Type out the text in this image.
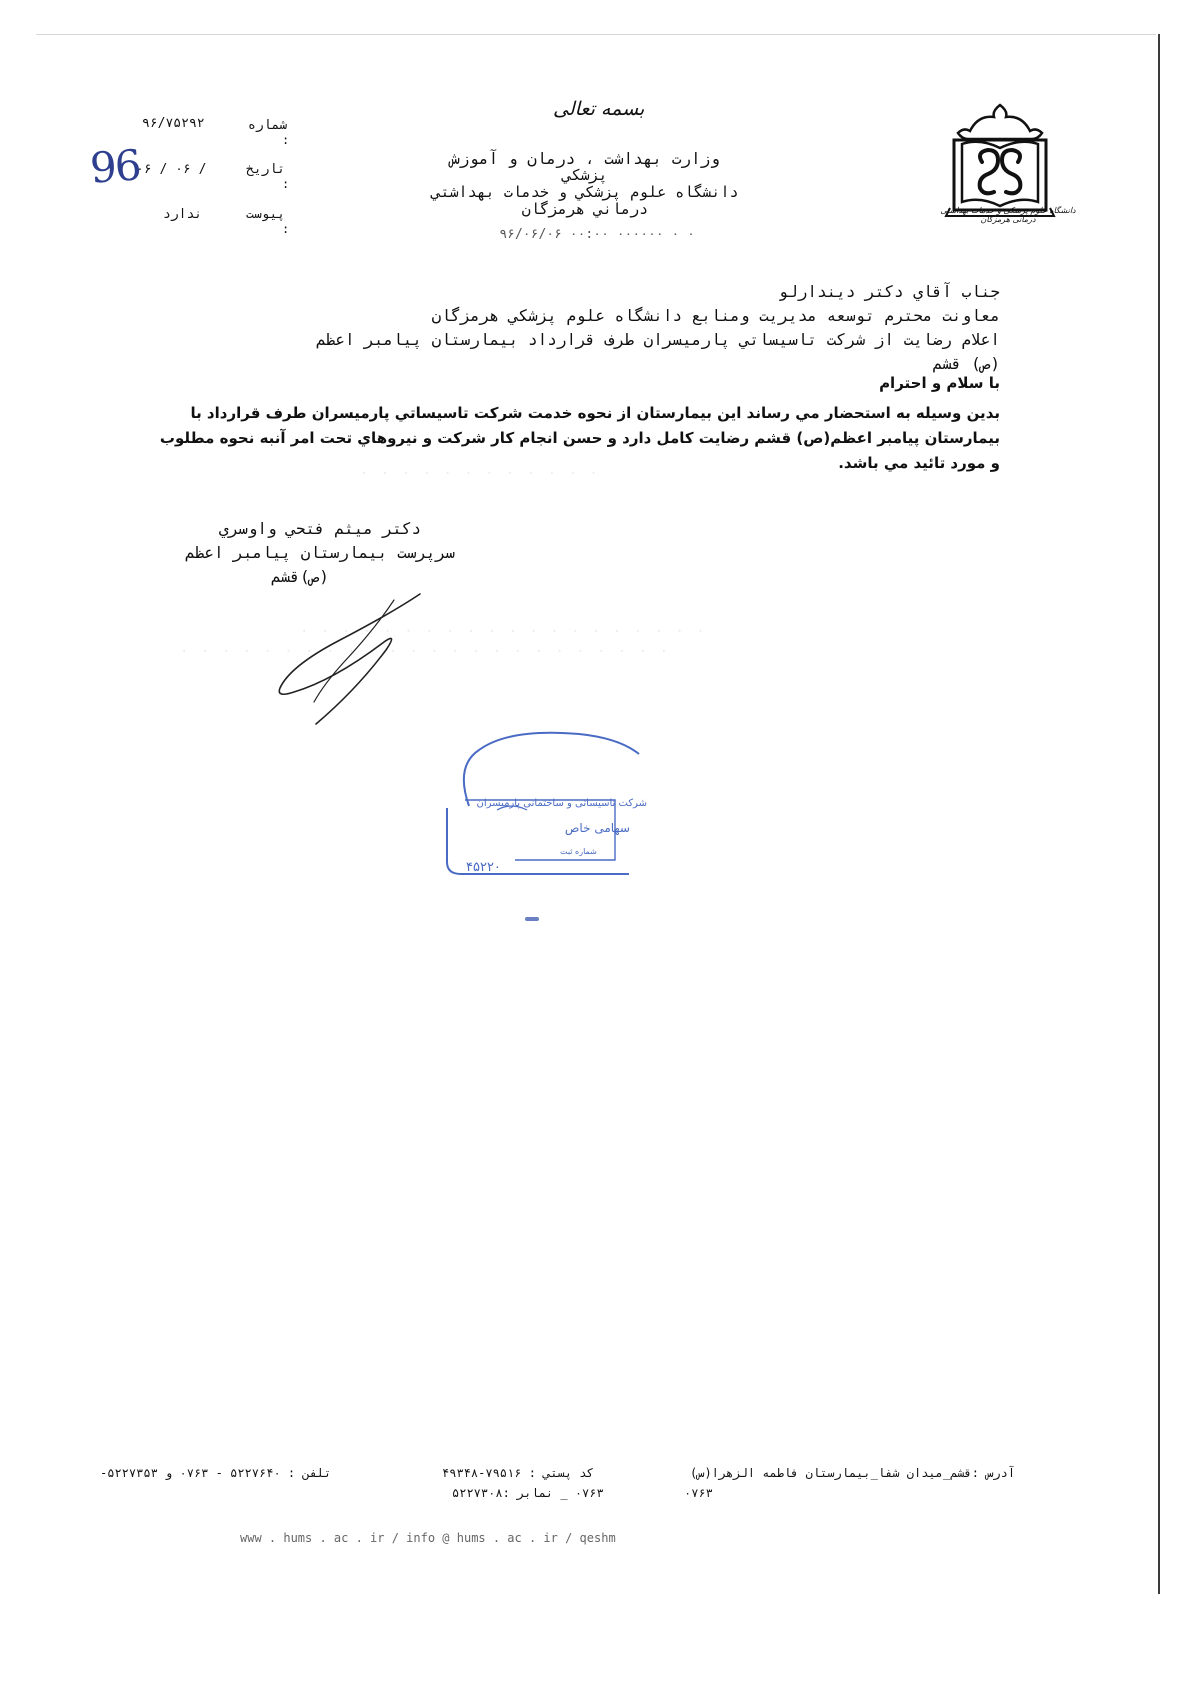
دانشگاه علوم پزشکی و خدمات بهداشتی درمانی هرمزگان
بسمه تعالی
وزارت بهداشت ، درمان و آموزش
پزشکي
دانشگاه علوم پزشکي و خدمات بهداشتي
درماني هرمزگان
۹۶/۰۶/۰۶ ۰۰:۰۰ ۰۰۰۰۰۰ ۰ ۰
شماره
:
۹۶/۷۵۲۹۲
تاریخ
:
۰۶ / ۰۶ /
96
پیوست
:
ندارد
جناب آقاي دکتر دیندارلو
معاونت محترم توسعه مدیریت ومنابع دانشگاه علوم پزشکي هرمزگان
اعلام رضایت از شرکت تاسیساتي پارمیسران طرف قرارداد بیمارستان پیامبر اعظم
(ص) قشم
با سلام و احترام
بدین وسیله به استحضار مي رساند این بیمارستان از نحوه خدمت شرکت تاسیساتي پارمیسران طرف قرارداد با
بیمارستان پیامبر اعظم(ص) قشم رضایت کامل دارد و حسن انجام کار شرکت و نیروهاي تحت امر آنبه نحوه مطلوب
و مورد تائید مي باشد.
. . . . . . . . . . . .
. . . . . . . . . . . . . . . . . . . .
. . . . . . . . . . . . . . . . . . . . . . . .
دکتر میثم فتحي واوسري
سرپرست بیمارستان پیامبر اعظم
(ص)قشم
شرکت تاسیساتی و ساختمانی پارمیسران
سهامی خاص
شماره ثبت
۴۵۲۲۰
آدرس :قشم_میدان شفا_بیمارستان فاطمه الزهرا(س)
۰۷۶۳
کد پستي : ۷۹۵۱۶-۴۹۳۴۸
۰۷۶۳ _ نمابر :۵۲۲۷۳۰۸
تلفن : ۵۲۲۷۶۴۰ - ۰۷۶۳ و ۵۲۲۷۳۵۳-
www . hums . ac . ir / info @ hums . ac . ir / qeshm
